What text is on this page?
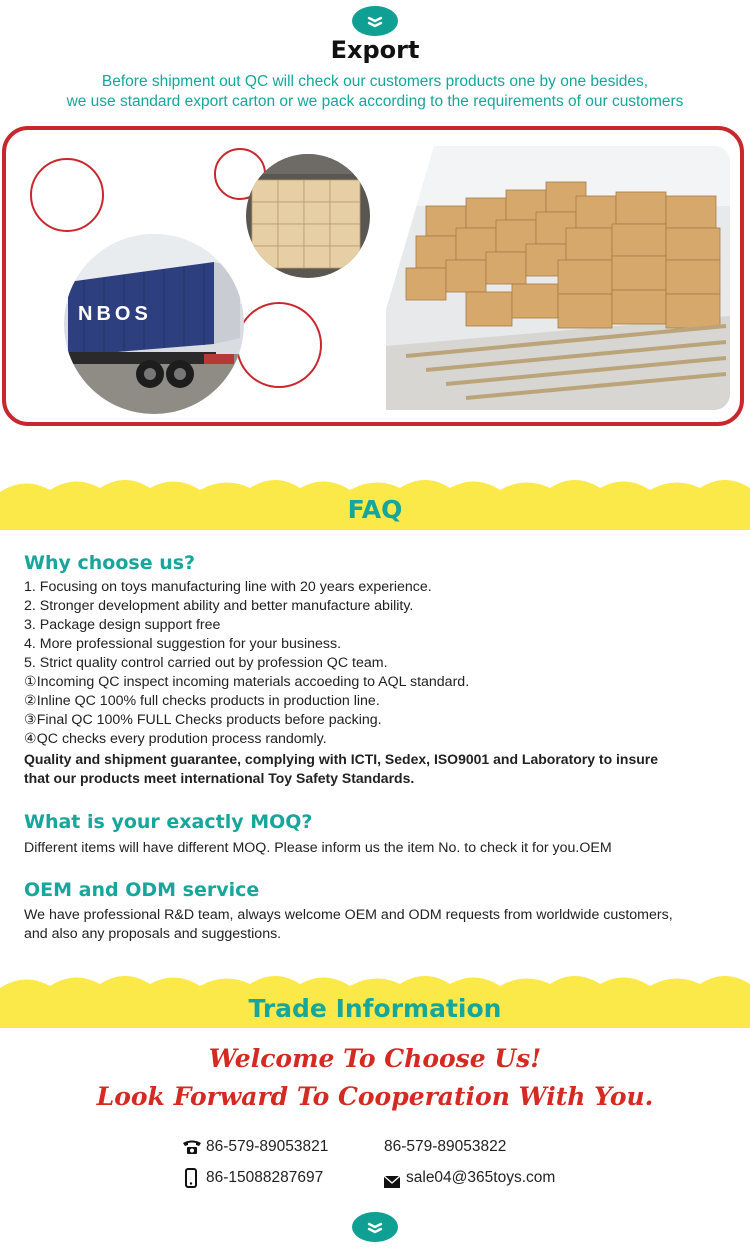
Export
Before shipment out QC will check our customers products one by one besides,
we use standard export carton or we pack according to the requirements of our customers
NBOS
FAQ
Why choose us?
1. Focusing on toys manufacturing line with 20 years experience.
2. Stronger development ability and better manufacture ability.
3. Package design support free
4. More professional suggestion for your business.
5. Strict quality control carried out by profession QC team.
①Incoming QC inspect incoming materials accoeding to AQL standard.
②Inline QC 100% full checks products in production line.
③Final QC 100% FULL Checks products before packing.
④QC checks every prodution process randomly.
Quality and shipment guarantee, complying with ICTI, Sedex, ISO9001 and Laboratory to insure
that our products meet international Toy Safety Standards.
What is your exactly MOQ?
Different items will have different MOQ. Please inform us the item No. to check it for you.OEM
OEM and ODM service
We have professional R&D team, always welcome OEM and ODM requests from worldwide customers,
and also any proposals and suggestions.
Trade Information
Welcome To Choose Us!
Look Forward To Cooperation With You.
86-579-89053821	86-579-89053822
86-15088287697	sale04@365toys.com
